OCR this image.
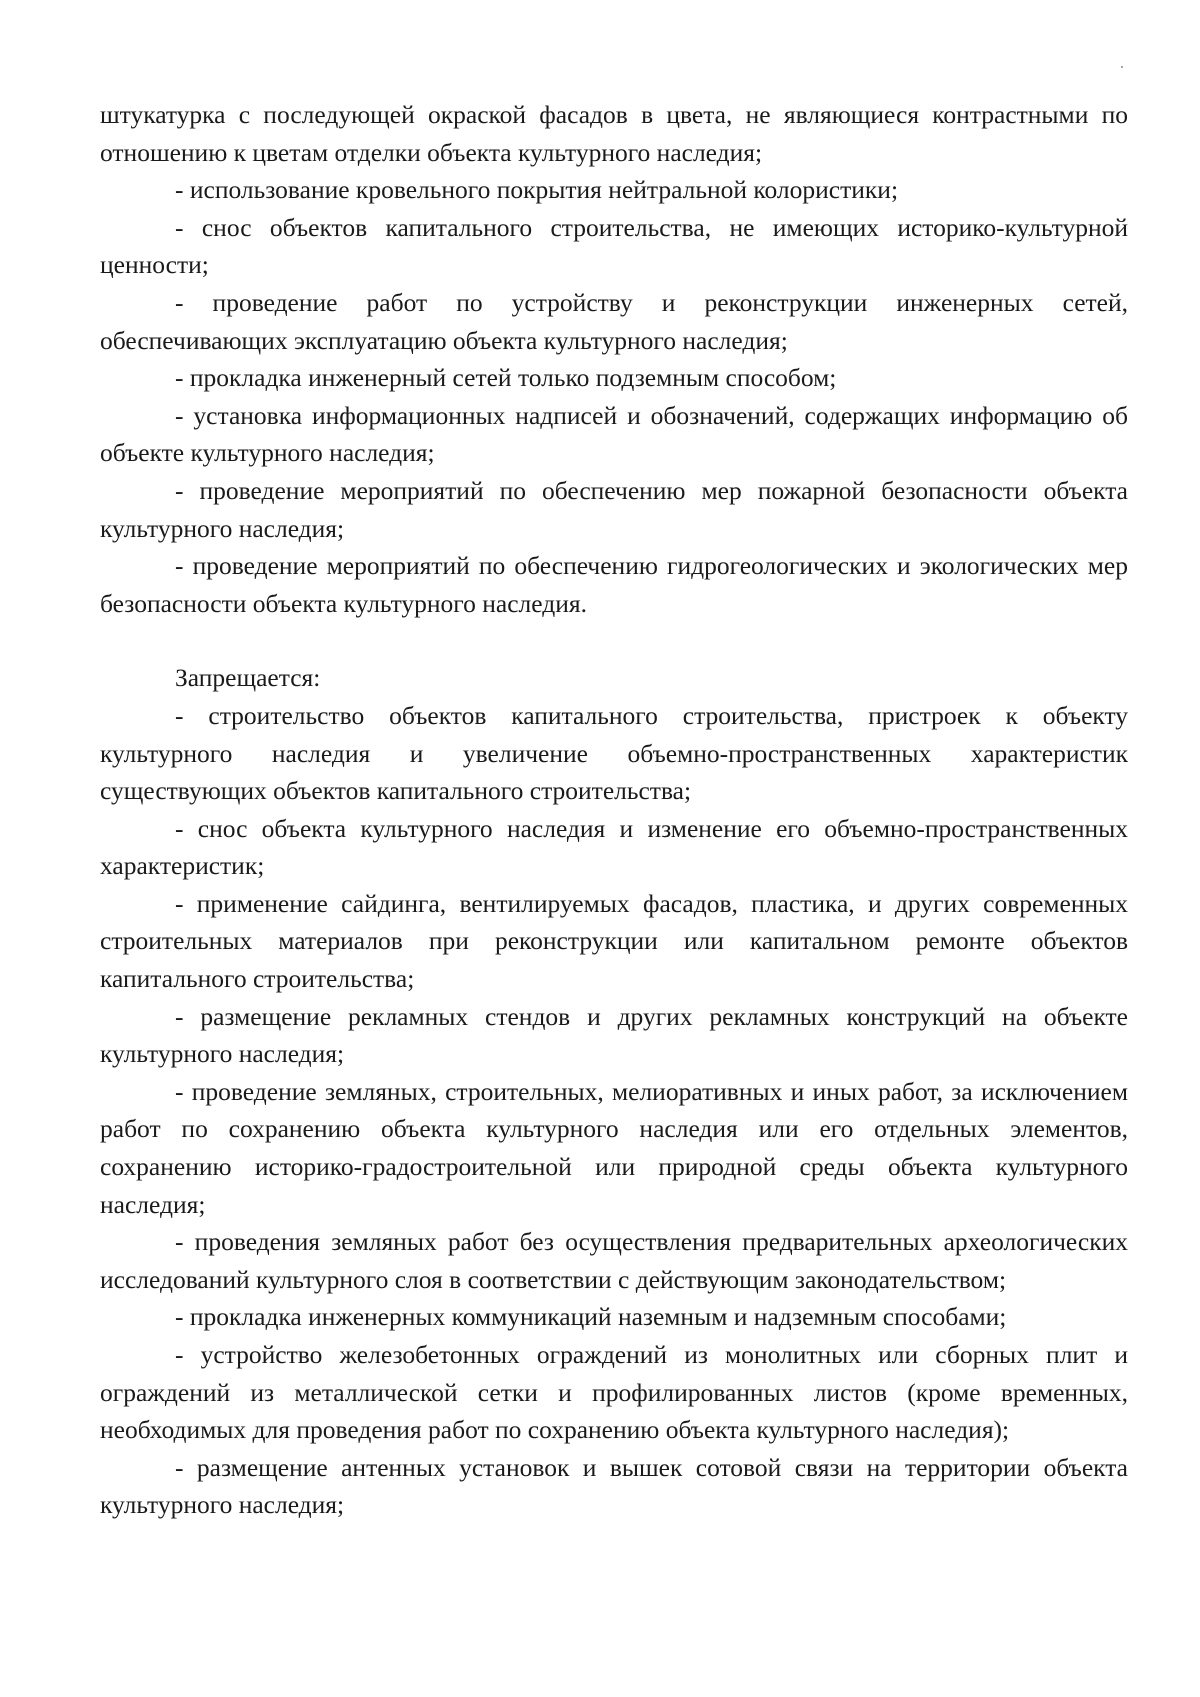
штукатурка с последующей окраской фасадов в цвета, не являющиеся контрастными по отношению к цветам отделки объекта культурного наследия;

- использование кровельного покрытия нейтральной колористики;

- снос объектов капитального строительства, не имеющих историко-культурной ценности;

- проведение работ по устройству и реконструкции инженерных сетей, обеспечивающих эксплуатацию объекта культурного наследия;

- прокладка инженерный сетей только подземным способом;

- установка информационных надписей и обозначений, содержащих информацию об объекте культурного наследия;

- проведение мероприятий по обеспечению мер пожарной безопасности объекта культурного наследия;

- проведение мероприятий по обеспечению гидрогеологических и экологических мер безопасности объекта культурного наследия.

Запрещается:

- строительство объектов капитального строительства, пристроек к объекту культурного наследия и увеличение объемно-пространственных характеристик существующих объектов капитального строительства;

- снос объекта культурного наследия и изменение его объемно-пространственных характеристик;

- применение сайдинга, вентилируемых фасадов, пластика, и других современных строительных материалов при реконструкции или капитальном ремонте объектов капитального строительства;

- размещение рекламных стендов и других рекламных конструкций на объекте культурного наследия;

- проведение земляных, строительных, мелиоративных и иных работ, за исключением работ по сохранению объекта культурного наследия или его отдельных элементов, сохранению историко-градостроительной или природной среды объекта культурного наследия;

- проведения земляных работ без осуществления предварительных археологических исследований культурного слоя в соответствии с действующим законодательством;

- прокладка инженерных коммуникаций наземным и надземным способами;

- устройство железобетонных ограждений из монолитных или сборных плит и ограждений из металлической сетки и профилированных листов (кроме временных, необходимых для проведения работ по сохранению объекта культурного наследия);

- размещение антенных установок и вышек сотовой связи на территории объекта культурного наследия;
